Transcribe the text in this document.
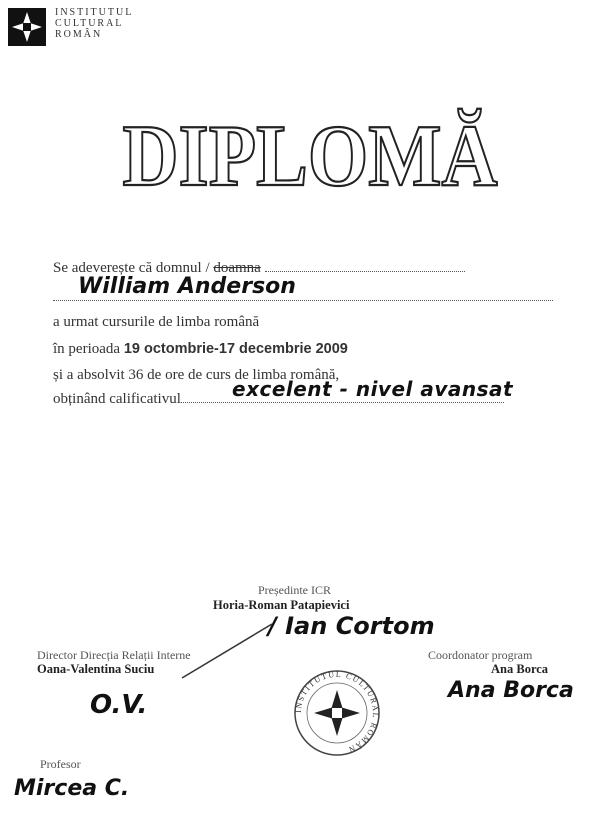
INSTITUTUL
CULTURAL
ROMÂN
DIPLOMĂ
Se adeverește că domnul / doamna
William Anderson
a urmat cursurile de limba română
în perioada 19 octombrie-17 decembrie 2009
și a absolvit 36 de ore de curs de limba română,
obținând calificativul	excelent - nivel avansat
Președinte ICR
Horia-Roman Patapievici
/ Ian Cortom
Director Direcția Relații Interne
Oana-Valentina Suciu
O.V.
Coordonator program
Ana Borca
Ana Borca
INSTITUTUL CULTURAL ROMÂN
Profesor
Mircea C.
